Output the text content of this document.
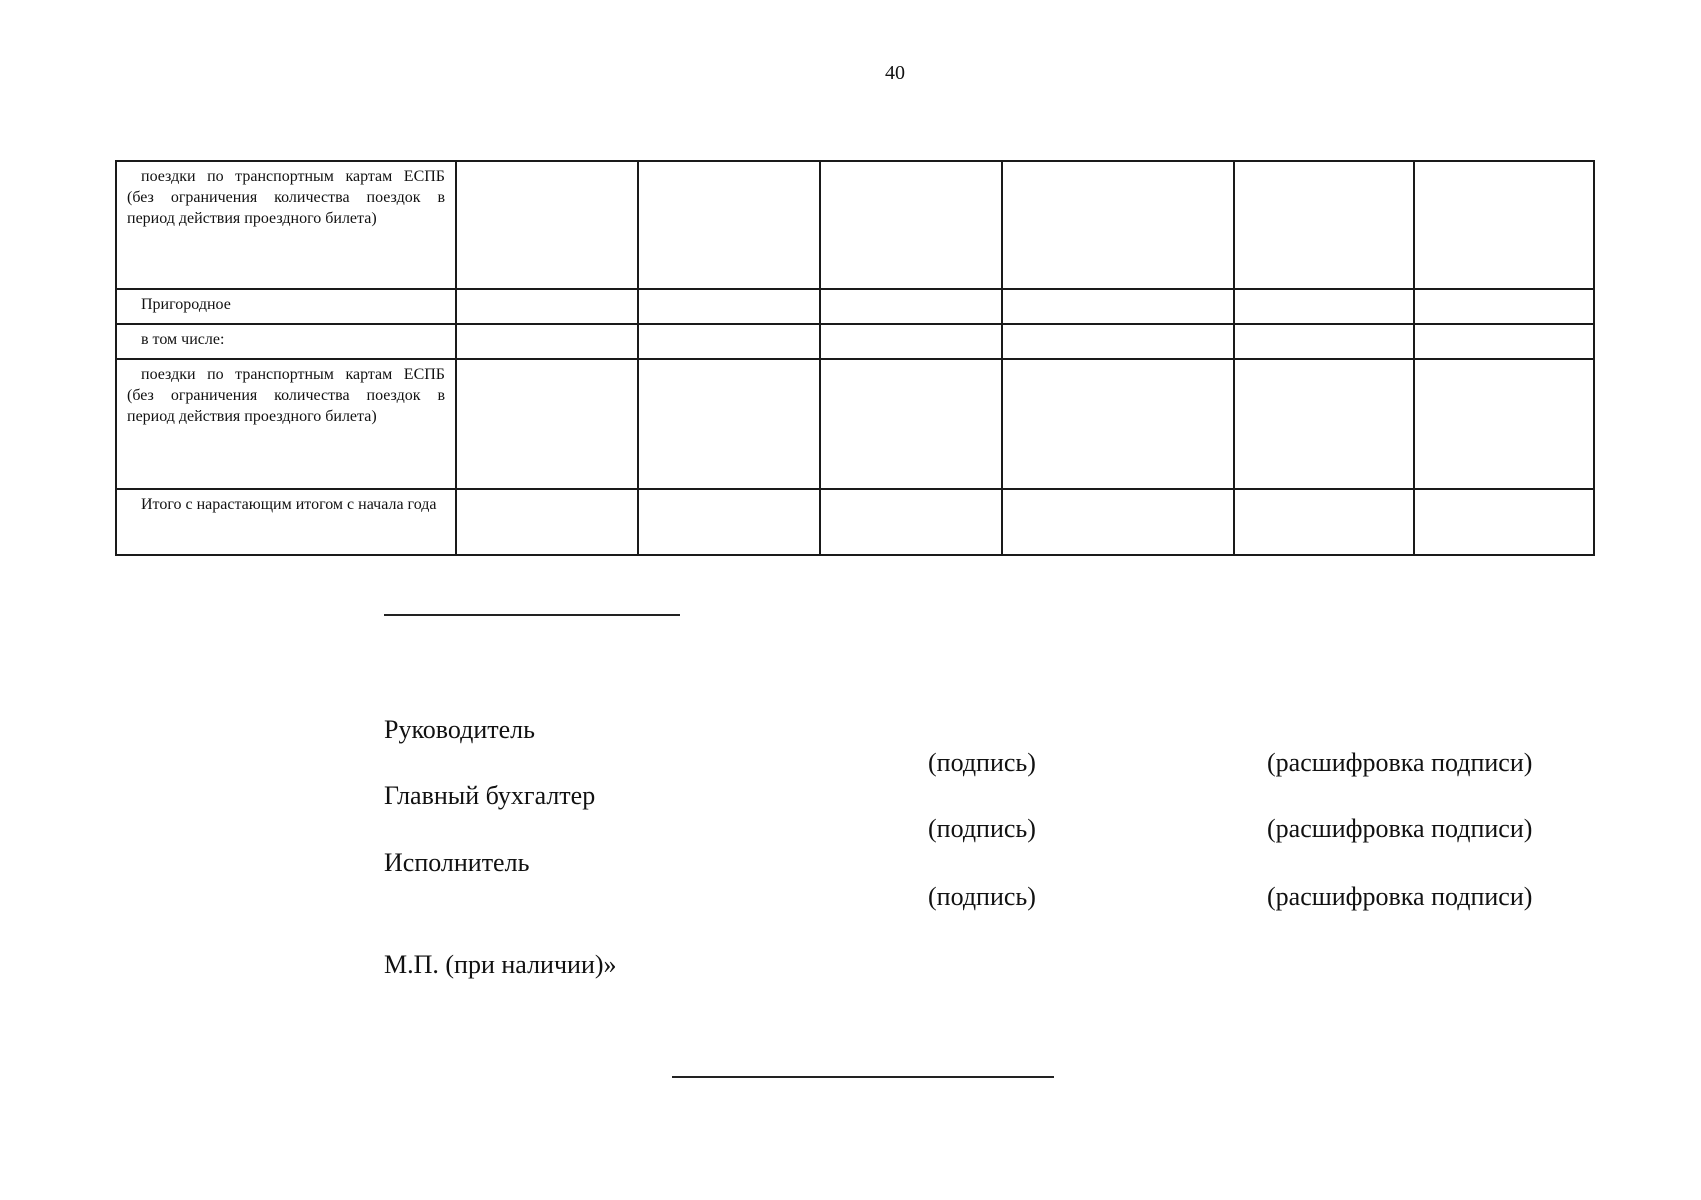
40
поездки по транспортным картам ЕСПБ (без ограничения количества поездок в период действия проездного билета)						

Пригородное						

в том числе:						

поездки по транспортным картам ЕСПБ (без ограничения количества поездок в период действия проездного билета)						

Итого с нарастающим итогом с начала года						

Руководитель
(подпись)	(расшифровка подписи)
Главный бухгалтер
(подпись)	(расшифровка подписи)
Исполнитель
(подпись)	(расшифровка подписи)
М.П. (при наличии)»
